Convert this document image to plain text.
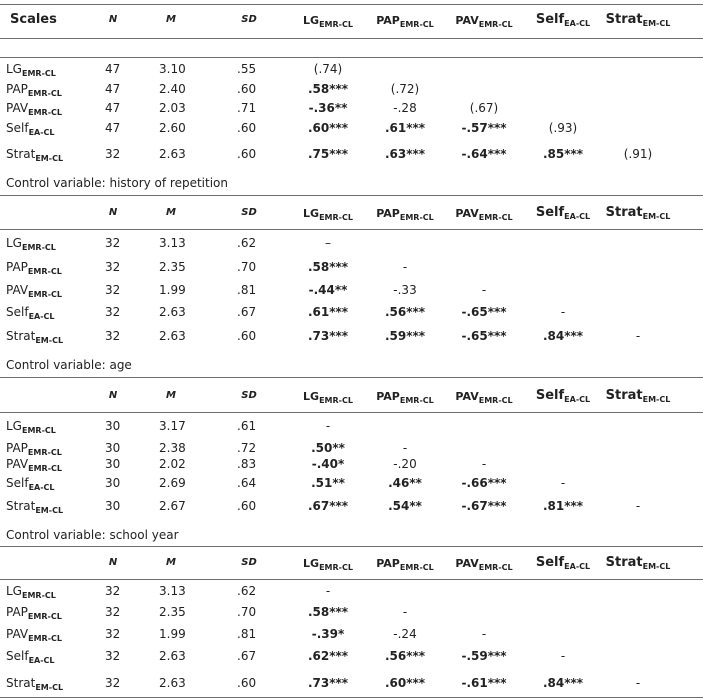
Scales	N	M	SD	$LG_{EMR-CL}$ $PAP_{EMR-CL}$ $PAV_{EMR-CL}$ Self$_{EA-CL}$ Strat$_{EM-CL}$
$LG_{EMR-CL}$	47	3.10	.55	(.74)
$PAP_{EMR-CL}$	47	2.40	.60	.58***	(.72)
$PAV_{EMR-CL}$	47	2.03	.71	-.36**	-.28	(.67)
Self$_{EA-CL}$	47	2.60	.60	.60***	.61***	-.57***	(.93)
Strat$_{EM-CL}$	32	2.63	.60	.75***	.63***	-.64***	.85***	(.91)
Control variable: history of repetition
N	M	SD	$LG_{EMR-CL}$ $PAP_{EMR-CL}$ $PAV_{EMR-CL}$ Self$_{EA-CL}$ Strat$_{EM-CL}$
$LG_{EMR-CL}$	32	3.13	.62	–
$PAP_{EMR-CL}$	32	2.35	.70	.58***	-
$PAV_{EMR-CL}$	32	1.99	.81	-.44**	-.33	-
Self$_{EA-CL}$	32	2.63	.67	.61***	.56***	-.65***	-
Strat$_{EM-CL}$	32	2.63	.60	.73***	.59***	-.65***	.84***	-
Control variable: age
N	M	SD	$LG_{EMR-CL}$ $PAP_{EMR-CL}$ $PAV_{EMR-CL}$ Self$_{EA-CL}$ Strat$_{EM-CL}$
$LG_{EMR-CL}$	30	3.17	.61	-
$PAP_{EMR-CL}$	30	2.38	.72	.50**	-
$PAV_{EMR-CL}$	30	2.02	.83	-.40*	-.20	-
Self$_{EA-CL}$	30	2.69	.64	.51**	.46**	-.66***	-
Strat$_{EM-CL}$	30	2.67	.60	.67***	.54**	-.67***	.81***	-
Control variable: school year
N	M	SD	$LG_{EMR-CL}$ $PAP_{EMR-CL}$ $PAV_{EMR-CL}$ Self$_{EA-CL}$ Strat$_{EM-CL}$
$LG_{EMR-CL}$	32	3.13	.62	-
$PAP_{EMR-CL}$	32	2.35	.70	.58***	-
$PAV_{EMR-CL}$	32	1.99	.81	-.39*	-.24	-
Self$_{EA-CL}$	32	2.63	.67	.62***	.56***	-.59***	-
Strat$_{EM-CL}$	32	2.63	.60	.73***	.60***	-.61***	.84***	-
